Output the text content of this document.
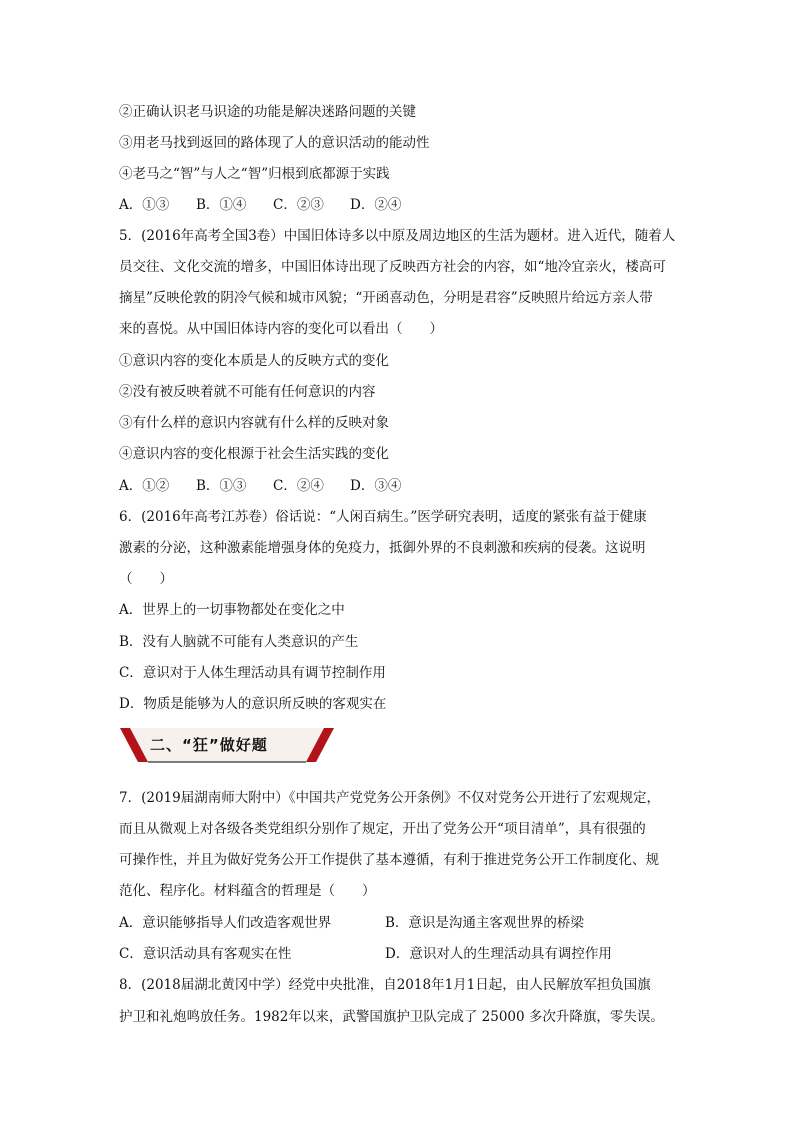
②正确认识老马识途的功能是解决迷路问题的关键
③用老马找到返回的路体现了人的意识活动的能动性
④老马之“智”与人之“智”归根到底都源于实践
A．①③ B．①④ C．②③ D．②④
5．(2016年高考全国3卷）中国旧体诗多以中原及周边地区的生活为题材。进入近代，随着人
员交往、文化交流的增多，中国旧体诗出现了反映西方社会的内容，如“地冷宜亲火，楼高可
摘星”反映伦敦的阴冷气候和城市风貌；“开函喜动色，分明是君容”反映照片给远方亲人带
来的喜悦。从中国旧体诗内容的变化可以看出（　　）
①意识内容的变化本质是人的反映方式的变化
②没有被反映着就不可能有任何意识的内容
③有什么样的意识内容就有什么样的反映对象
④意识内容的变化根源于社会生活实践的变化
A．①② B．①③ C．②④ D．③④
6．(2016年高考江苏卷）俗话说：“人闲百病生。”医学研究表明，适度的紧张有益于健康
激素的分泌，这种激素能增强身体的免疫力，抵御外界的不良刺激和疾病的侵袭。这说明
（　　）
A．世界上的一切事物都处在变化之中
B．没有人脑就不可能有人类意识的产生
C．意识对于人体生理活动具有调节控制作用
D．物质是能够为人的意识所反映的客观实在
二、“狂”做好题
7．(2019届湖南师大附中）《中国共产党党务公开条例》不仅对党务公开进行了宏观规定，
而且从微观上对各级各类党组织分别作了规定，开出了党务公开“项目清单”，具有很强的
可操作性，并且为做好党务公开工作提供了基本遵循，有利于推进党务公开工作制度化、规
范化、程序化。材料蕴含的哲理是（　　）
A．意识能够指导人们改造客观世界	B．意识是沟通主客观世界的桥梁
C．意识活动具有客观实在性	D．意识对人的生理活动具有调控作用
8．(2018届湖北黄冈中学）经党中央批准，自2018年1月1日起，由人民解放军担负国旗
护卫和礼炮鸣放任务。1982年以来，武警国旗护卫队完成了 25000 多次升降旗，零失误。
